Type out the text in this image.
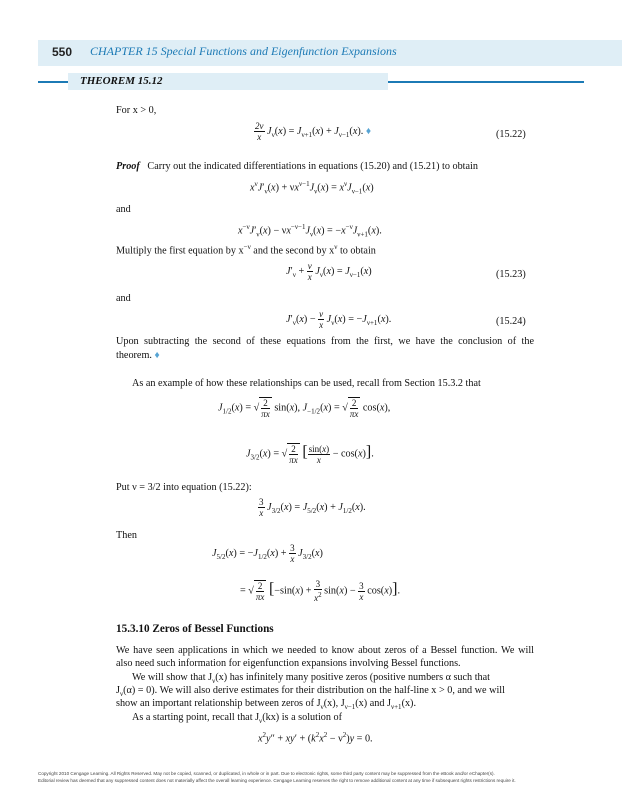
550 CHAPTER 15 Special Functions and Eigenfunction Expansions
THEOREM 15.12
For x > 0,
$\frac{2\nu}{x} J_\nu(x) = J_{\nu+1}(x) + J_{\nu-1}(x)$. ♦	(15.22)
Proof Carry out the indicated differentiations in equations (15.20) and (15.21) to obtain
$x^\nu J'_\nu(x) + \nu x^{\nu-1}J_\nu(x) = x^\nu J_{\nu-1}(x)$
and
$x^{-\nu}J'_\nu(x) - \nu x^{-\nu-1}J_\nu(x) = -x^{-\nu}J_{\nu+1}(x)$.
Multiply the first equation by $x^{-\nu}$ and the second by $x^\nu$ to obtain
$J'_\nu + \frac{\nu}{x} J_\nu(x) = J_{\nu-1}(x)$	(15.23)
and
$J'_\nu(x) - \frac{\nu}{x} J_\nu(x) = -J_{\nu+1}(x)$.	(15.24)
Upon subtracting the second of these equations from the first, we have the conclusion of the
theorem. ♦
As an example of how these relationships can be used, recall from Section 15.3.2 that
$J_{1/2}(x)$ = √ $\frac{2}{\pi x} \sin(x)$, $J_{-1/2}(x)$ = √ $\frac{2}{\pi x} \cos(x)$,
$J_{3/2}(x)$ = √ $\frac{2}{\pi x}$ [ $\frac{\sin(x)}{x} - \cos(x)$].
Put ν = 3/2 into equation (15.22):
$\frac{3}{x} J_{3/2}(x) = J_{5/2}(x) + J_{1/2}(x)$.
Then
$J_{5/2}(x) = -J_{1/2}(x) + \frac{3}{x} J_{3/2}(x)$
= √ $\frac{2}{\pi x} [-\sin(x) + \frac{3}{x^2} \sin(x) - \frac{3}{x} \cos(x)]$.
15.3.10 Zeros of Bessel Functions
We have seen applications in which we needed to know about zeros of a Bessel function. We will
also need such information for eigenfunction expansions involving Bessel functions.
We will show that $J_\nu(x)$ has infinitely many positive zeros (positive numbers α such that
$J_\nu(\alpha) = 0$). We will also derive estimates for their distribution on the half-line x > 0, and we will
show an important relationship between zeros of $J_\nu(x)$, $J_{\nu-1}(x)$ and $J_{\nu+1}(x)$.
As a starting point, recall that $J_\nu(kx)$ is a solution of
$x^2y'' + xy' + (k^2x^2 - \nu^2)y = 0$.
Copyright 2010 Cengage Learning. All Rights Reserved. May not be copied, scanned, or duplicated, in whole or in part. Due to electronic rights, some third party content may be suppressed from the eBook and/or eChapter(s).
Editorial review has deemed that any suppressed content does not materially affect the overall learning experience. Cengage Learning reserves the right to remove additional content at any time if subsequent rights restrictions require it.
